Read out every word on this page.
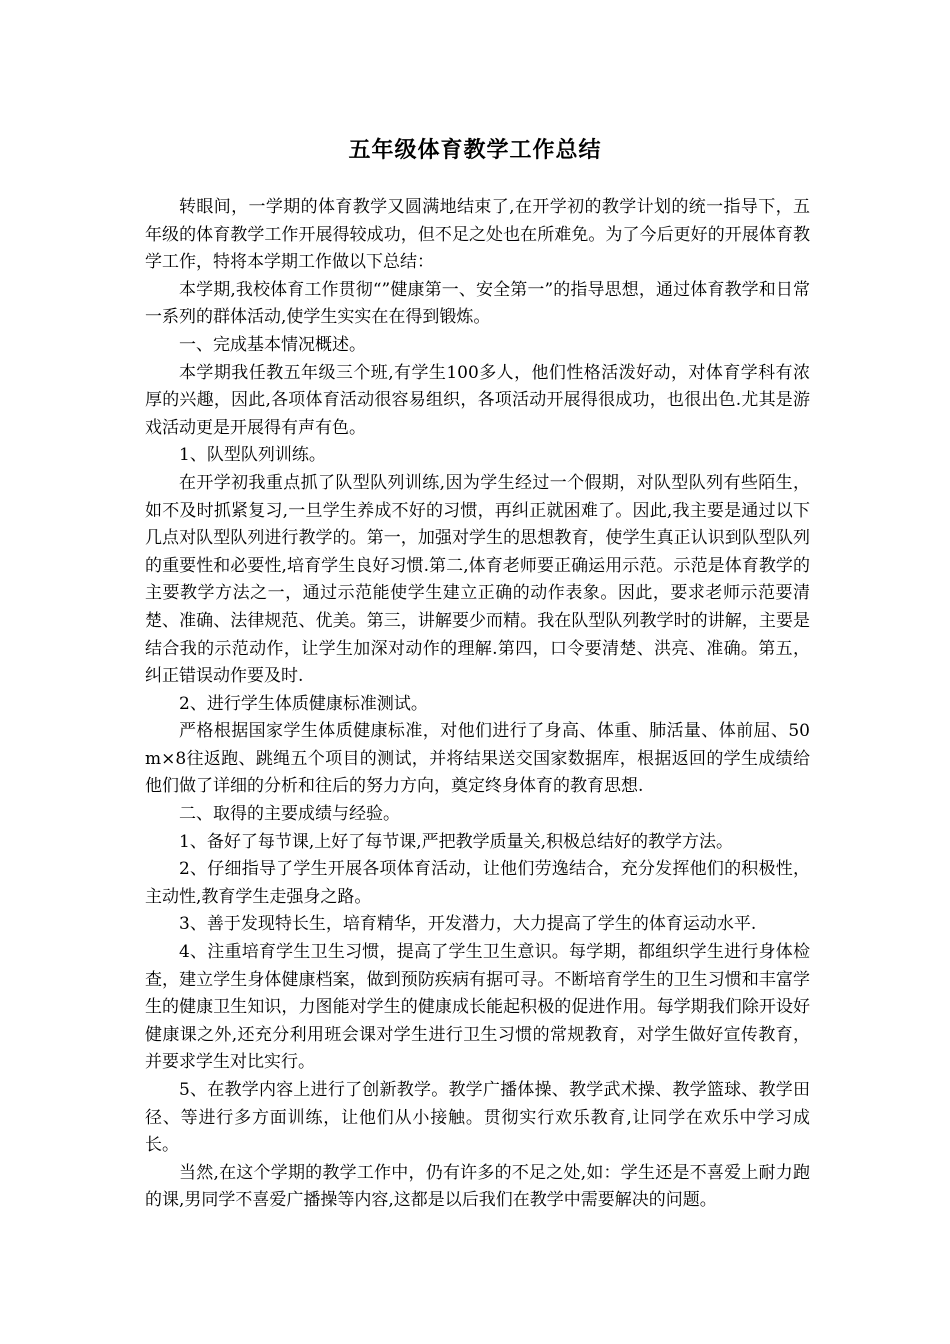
五年级体育教学工作总结

转眼间，一学期的体育教学又圆满地结束了,在开学初的教学计划的统一指导下，五年级的体育教学工作开展得较成功，但不足之处也在所难免。为了今后更好的开展体育教学工作，特将本学期工作做以下总结：

本学期,我校体育工作贯彻“”健康第一、安全第一”的指导思想，通过体育教学和日常一系列的群体活动,使学生实实在在得到锻炼。

一、完成基本情况概述。

本学期我任教五年级三个班,有学生100多人，他们性格活泼好动，对体育学科有浓厚的兴趣，因此,各项体育活动很容易组织，各项活动开展得很成功，也很出色.尤其是游戏活动更是开展得有声有色。

1、队型队列训练。

在开学初我重点抓了队型队列训练,因为学生经过一个假期，对队型队列有些陌生，如不及时抓紧复习,一旦学生养成不好的习惯，再纠正就困难了。因此,我主要是通过以下几点对队型队列进行教学的。第一，加强对学生的思想教育，使学生真正认识到队型队列的重要性和必要性,培育学生良好习惯.第二,体育老师要正确运用示范。示范是体育教学的主要教学方法之一，通过示范能使学生建立正确的动作表象。因此，要求老师示范要清楚、准确、法律规范、优美。第三，讲解要少而精。我在队型队列教学时的讲解，主要是结合我的示范动作，让学生加深对动作的理解.第四，口令要清楚、洪亮、准确。第五，纠正错误动作要及时.

2、进行学生体质健康标准测试。

严格根据国家学生体质健康标准，对他们进行了身高、体重、肺活量、体前屈、50 m×8往返跑、跳绳五个项目的测试，并将结果送交国家数据库，根据返回的学生成绩给他们做了详细的分析和往后的努力方向，奠定终身体育的教育思想.

二、取得的主要成绩与经验。

1、备好了每节课,上好了每节课,严把教学质量关,积极总结好的教学方法。

2、仔细指导了学生开展各项体育活动，让他们劳逸结合，充分发挥他们的积极性，主动性,教育学生走强身之路。

3、善于发现特长生，培育精华，开发潜力，大力提高了学生的体育运动水平.

4、注重培育学生卫生习惯，提高了学生卫生意识。每学期，都组织学生进行身体检查，建立学生身体健康档案，做到预防疾病有据可寻。不断培育学生的卫生习惯和丰富学生的健康卫生知识，力图能对学生的健康成长能起积极的促进作用。每学期我们除开设好健康课之外,还充分利用班会课对学生进行卫生习惯的常规教育，对学生做好宣传教育，并要求学生对比实行。

5、在教学内容上进行了创新教学。教学广播体操、教学武术操、教学篮球、教学田径、等进行多方面训练，让他们从小接触。贯彻实行欢乐教育,让同学在欢乐中学习成长。

当然,在这个学期的教学工作中，仍有许多的不足之处,如：学生还是不喜爱上耐力跑的课,男同学不喜爱广播操等内容,这都是以后我们在教学中需要解决的问题。
